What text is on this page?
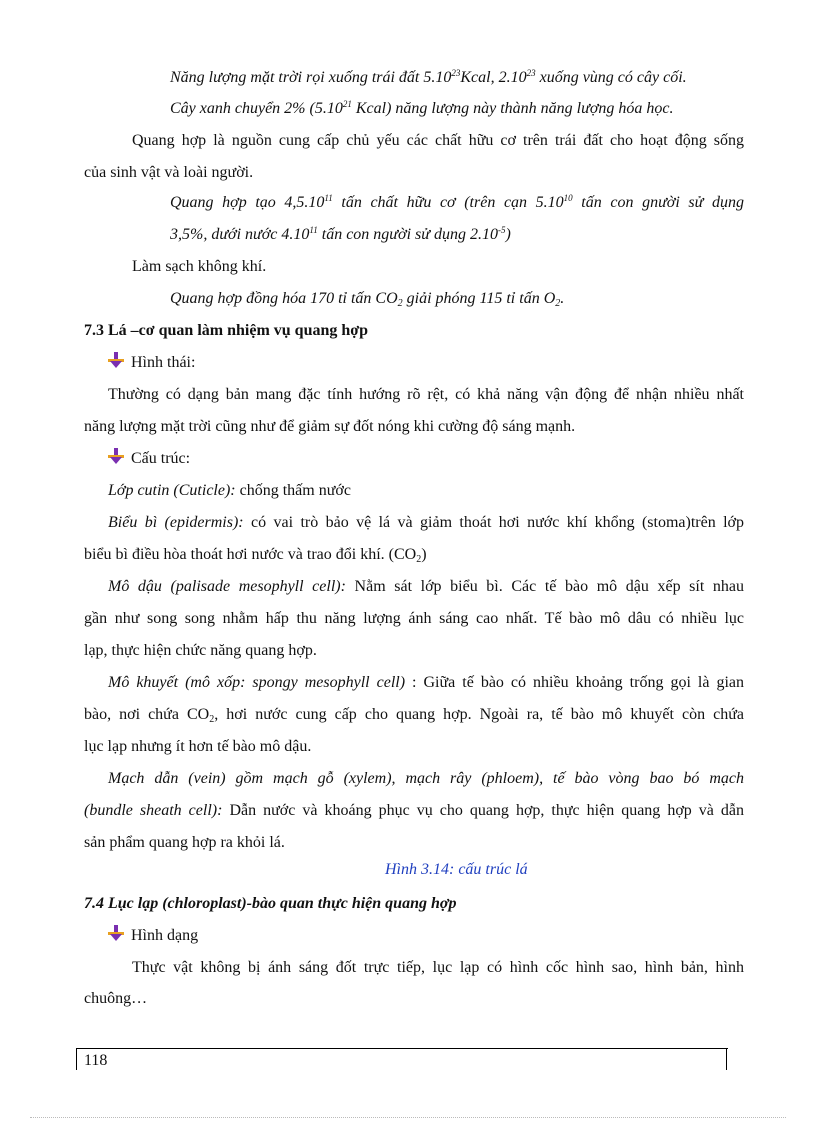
Năng lượng mặt trời rọi xuống trái đất 5.10$^{23}$Kcal, 2.10$^{23}$ xuống vùng có cây cối.
Cây xanh chuyển 2% (5.10$^{21}$ Kcal) năng lượng này thành năng lượng hóa học.
Quang hợp là nguồn cung cấp chủ yếu các chất hữu cơ trên trái đất cho hoạt động sống
của sinh vật và loài người.
Quang hợp tạo 4,5.10$^{11}$ tấn chất hữu cơ (trên cạn 5.10$^{10}$ tấn con gnười sử dụng
3,5%, dưới nước 4.10$^{11}$ tấn con người sử dụng $2.10^{-5}$)
Làm sạch không khí.
Quang hợp đồng hóa 170 tỉ tấn $CO_2$ giải phóng 115 tỉ tấn $O_2$.
7.3 Lá –cơ quan làm nhiệm vụ quang hợp
Hình thái:
Thường có dạng bản mang đặc tính hướng rõ rệt, có khả năng vận động để nhận nhiều nhất
năng lượng mặt trời cũng như để giảm sự đốt nóng khi cường độ sáng mạnh.
Cấu trúc:
Lớp cutin (Cuticle): chống thấm nước
Biểu bì (epidermis): có vai trò bảo vệ lá và giảm thoát hơi nước khí khổng (stoma)trên lớp
biểu bì điều hòa thoát hơi nước và trao đổi khí. $(CO_2)$
Mô dậu (palisade mesophyll cell): Nằm sát lớp biểu bì. Các tế bào mô dậu xếp sít nhau
gần như song song nhằm hấp thu năng lượng ánh sáng cao nhất. Tế bào mô dâu có nhiều lục
lạp, thực hiện chức năng quang hợp.
Mô khuyết (mô xốp: spongy mesophyll cell) : Giữa tế bào có nhiều khoảng trống gọi là gian
bào, nơi chứa $CO_2$, hơi nước cung cấp cho quang hợp. Ngoài ra, tế bào mô khuyết còn chứa
lục lạp nhưng ít hơn tế bào mô dậu.
Mạch dẫn (vein) gồm mạch gỗ (xylem), mạch rây (phloem), tế bào vòng bao bó mạch
(bundle sheath cell): Dẫn nước và khoáng phục vụ cho quang hợp, thực hiện quang hợp và dẫn
sản phẩm quang hợp ra khỏi lá.
Hình 3.14: cấu trúc lá
7.4 Lục lạp (chloroplast)-bào quan thực hiện quang hợp
Hình dạng
Thực vật không bị ánh sáng đốt trực tiếp, lục lạp có hình cốc hình sao, hình bản, hình
chuông…
118
